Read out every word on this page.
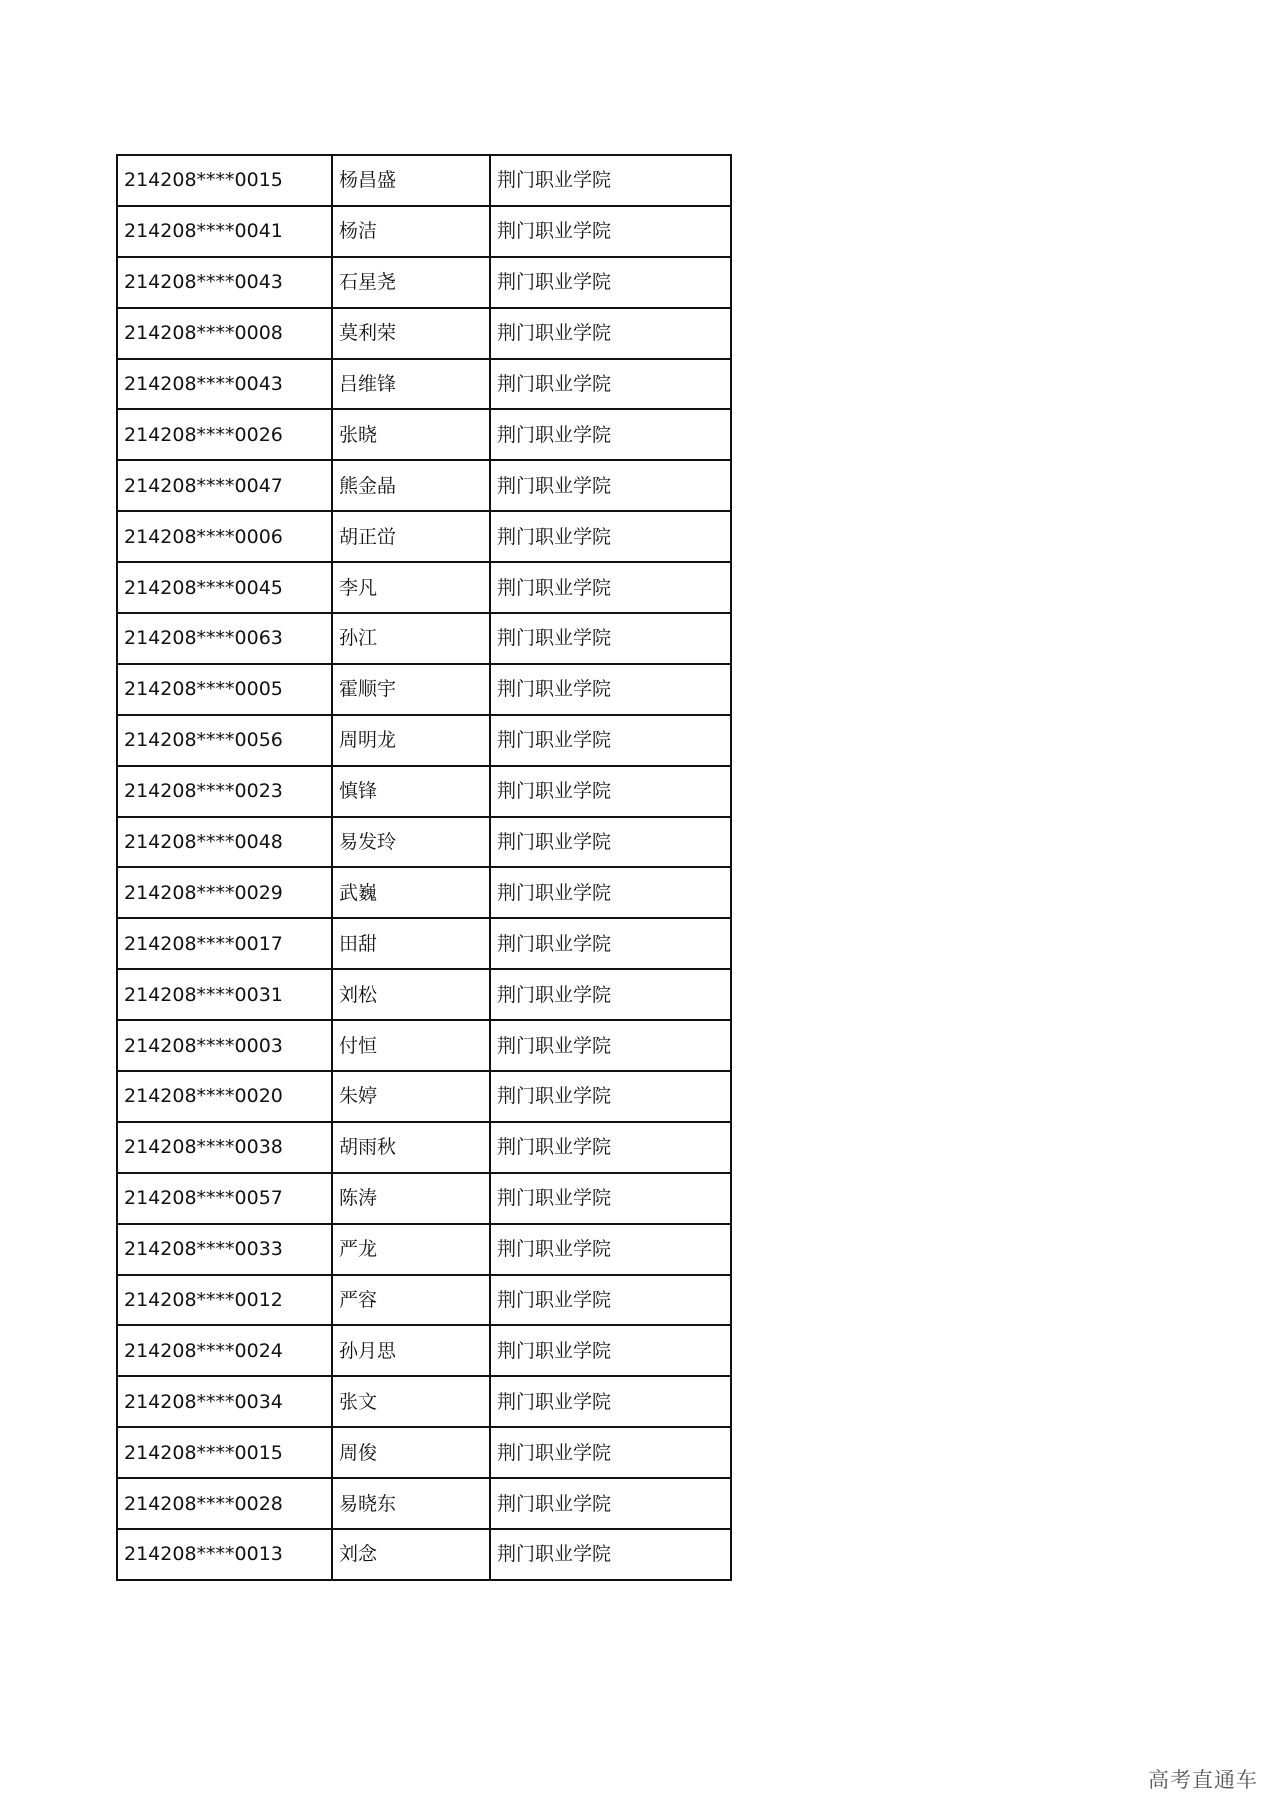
214208****0015	杨昌盛	荆门职业学院
214208****0041	杨洁	荆门职业学院
214208****0043	石星尧	荆门职业学院
214208****0008	莫利荣	荆门职业学院
214208****0043	吕维锋	荆门职业学院
214208****0026	张晓	荆门职业学院
214208****0047	熊金晶	荆门职业学院
214208****0006	胡正峃	荆门职业学院
214208****0045	李凡	荆门职业学院
214208****0063	孙江	荆门职业学院
214208****0005	霍顺宇	荆门职业学院
214208****0056	周明龙	荆门职业学院
214208****0023	慎锋	荆门职业学院
214208****0048	易发玲	荆门职业学院
214208****0029	武巍	荆门职业学院
214208****0017	田甜	荆门职业学院
214208****0031	刘松	荆门职业学院
214208****0003	付恒	荆门职业学院
214208****0020	朱婷	荆门职业学院
214208****0038	胡雨秋	荆门职业学院
214208****0057	陈涛	荆门职业学院
214208****0033	严龙	荆门职业学院
214208****0012	严容	荆门职业学院
214208****0024	孙月思	荆门职业学院
214208****0034	张文	荆门职业学院
214208****0015	周俊	荆门职业学院
214208****0028	易晓东	荆门职业学院
214208****0013	刘念	荆门职业学院
高考直通车
